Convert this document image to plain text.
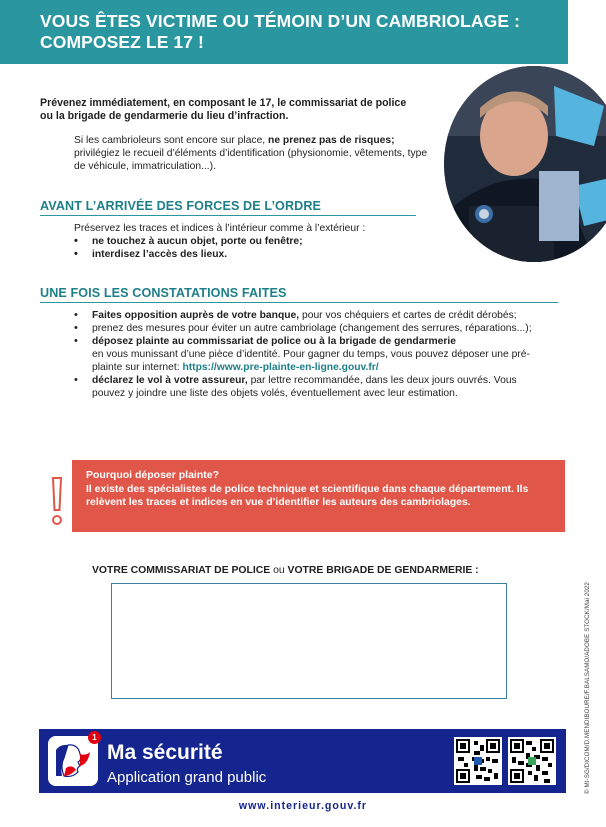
VOUS ÊTES VICTIME OU TÉMOIN D’UN CAMBRIOLAGE : COMPOSEZ LE 17 !
Prévenez immédiatement, en composant le 17, le commissariat de police ou la brigade de gendarmerie du lieu d’infraction.
Si les cambrioleurs sont encore sur place, ne prenez pas de risques; privilégiez le recueil d’éléments d’identification (physionomie, vêtements, type de véhicule, immatriculation...).
AVANT L’ARRIVÉE DES FORCES DE L’ORDRE
Préservez les traces et indices à l’intérieur comme à l’extérieur :
• ne touchez à aucun objet, porte ou fenêtre;
• interdisez l’accès des lieux.
UNE FOIS LES CONSTATATIONS FAITES
• Faites opposition auprès de votre banque, pour vos chéquiers et cartes de crédit dérobés;
• prenez des mesures pour éviter un autre cambriolage (changement des serrures, réparations...);
• déposez plainte au commissariat de police ou à la brigade de gendarmerie
en vous munissant d’une pièce d’identité. Pour gagner du temps, vous pouvez déposer une pré-plainte sur internet: https://www.pre-plainte-en-ligne.gouv.fr/
• déclarez le vol à votre assureur, par lettre recommandée, dans les deux jours ouvrés. Vous pouvez y joindre une liste des objets volés, éventuellement avec leur estimation.
Pourquoi déposer plainte?
Il existe des spécialistes de police technique et scientifique dans chaque département. Ils relèvent les traces et indices en vue d’identifier les auteurs des cambriolages.
VOTRE COMMISSARIAT DE POLICE ou VOTRE BRIGADE DE GENDARMERIE :
© MI-SG/DICOM/D.MENDIBOURE/F.BALSAMO/ADOBE STOCK/Mai 2022
1
Ma sécurité
Application grand public
www.interieur.gouv.fr
